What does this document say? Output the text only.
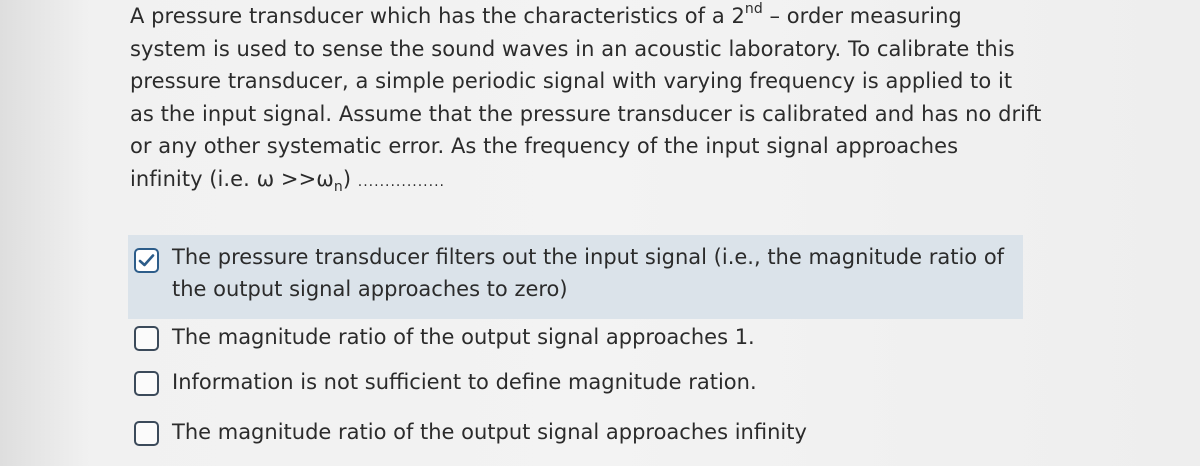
A pressure transducer which has the characteristics of a 2nd – order measuring
system is used to sense the sound waves in an acoustic laboratory. To calibrate this
pressure transducer, a simple periodic signal with varying frequency is applied to it
as the input signal. Assume that the pressure transducer is calibrated and has no drift
or any other systematic error. As the frequency of the input signal approaches
infinity (i.e. $\omega >>\omega_n$) ................
The pressure transducer filters out the input signal (i.e., the magnitude ratio of
the output signal approaches to zero)
The magnitude ratio of the output signal approaches 1.
Information is not sufficient to define magnitude ration.
The magnitude ratio of the output signal approaches infinity
